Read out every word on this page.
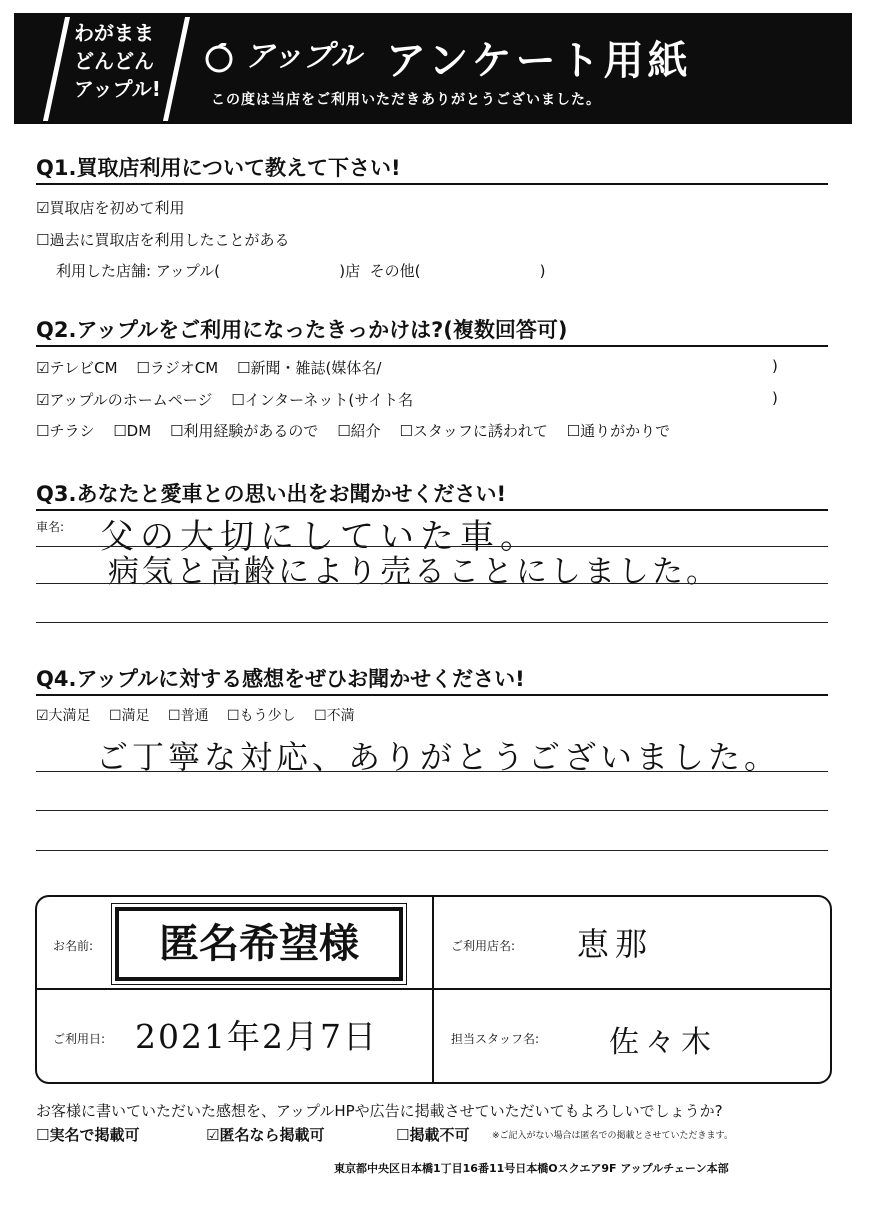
わがまま
どんどん
アップル!
アップル アンケート用紙
この度は当店をご利用いただきありがとうございました。
Q1.買取店利用について教えて下さい!
☑買取店を初めて利用
☐過去に買取店を利用したことがある
利用した店舗: アップル(                         )店  その他(                         )
Q2.アップルをご利用になったきっかけは?(複数回答可)
☑テレビCM ☐ラジオCM ☐新聞・雑誌(媒体名/	)
☑アップルのホームページ ☐インターネット(サイト名	)
☐チラシ ☐DM ☐利用経験があるので ☐紹介 ☐スタッフに誘われて ☐通りがかりで
Q3.あなたと愛車との思い出をお聞かせください!
車名: 父の大切にしていた車。
病気と高齢により売ることにしました。
Q4.アップルに対する感想をぜひお聞かせください!
☑大満足 ☐満足 ☐普通 ☐もう少し ☐不満
ご丁寧な対応、ありがとうございました。
お名前:	匿名希望様	ご利用店名: 恵那
ご利用日: 2021年2月7日	担当スタッフ名: 佐々木
お客様に書いていただいた感想を、アップルHPや広告に掲載させていただいてもよろしいでしょうか?
☐実名で掲載可	☑匿名なら掲載可	☐掲載不可	※ご記入がない場合は匿名での掲載とさせていただきます。
東京都中央区日本橋1丁目16番11号日本橋Oスクエア9F アップルチェーン本部
